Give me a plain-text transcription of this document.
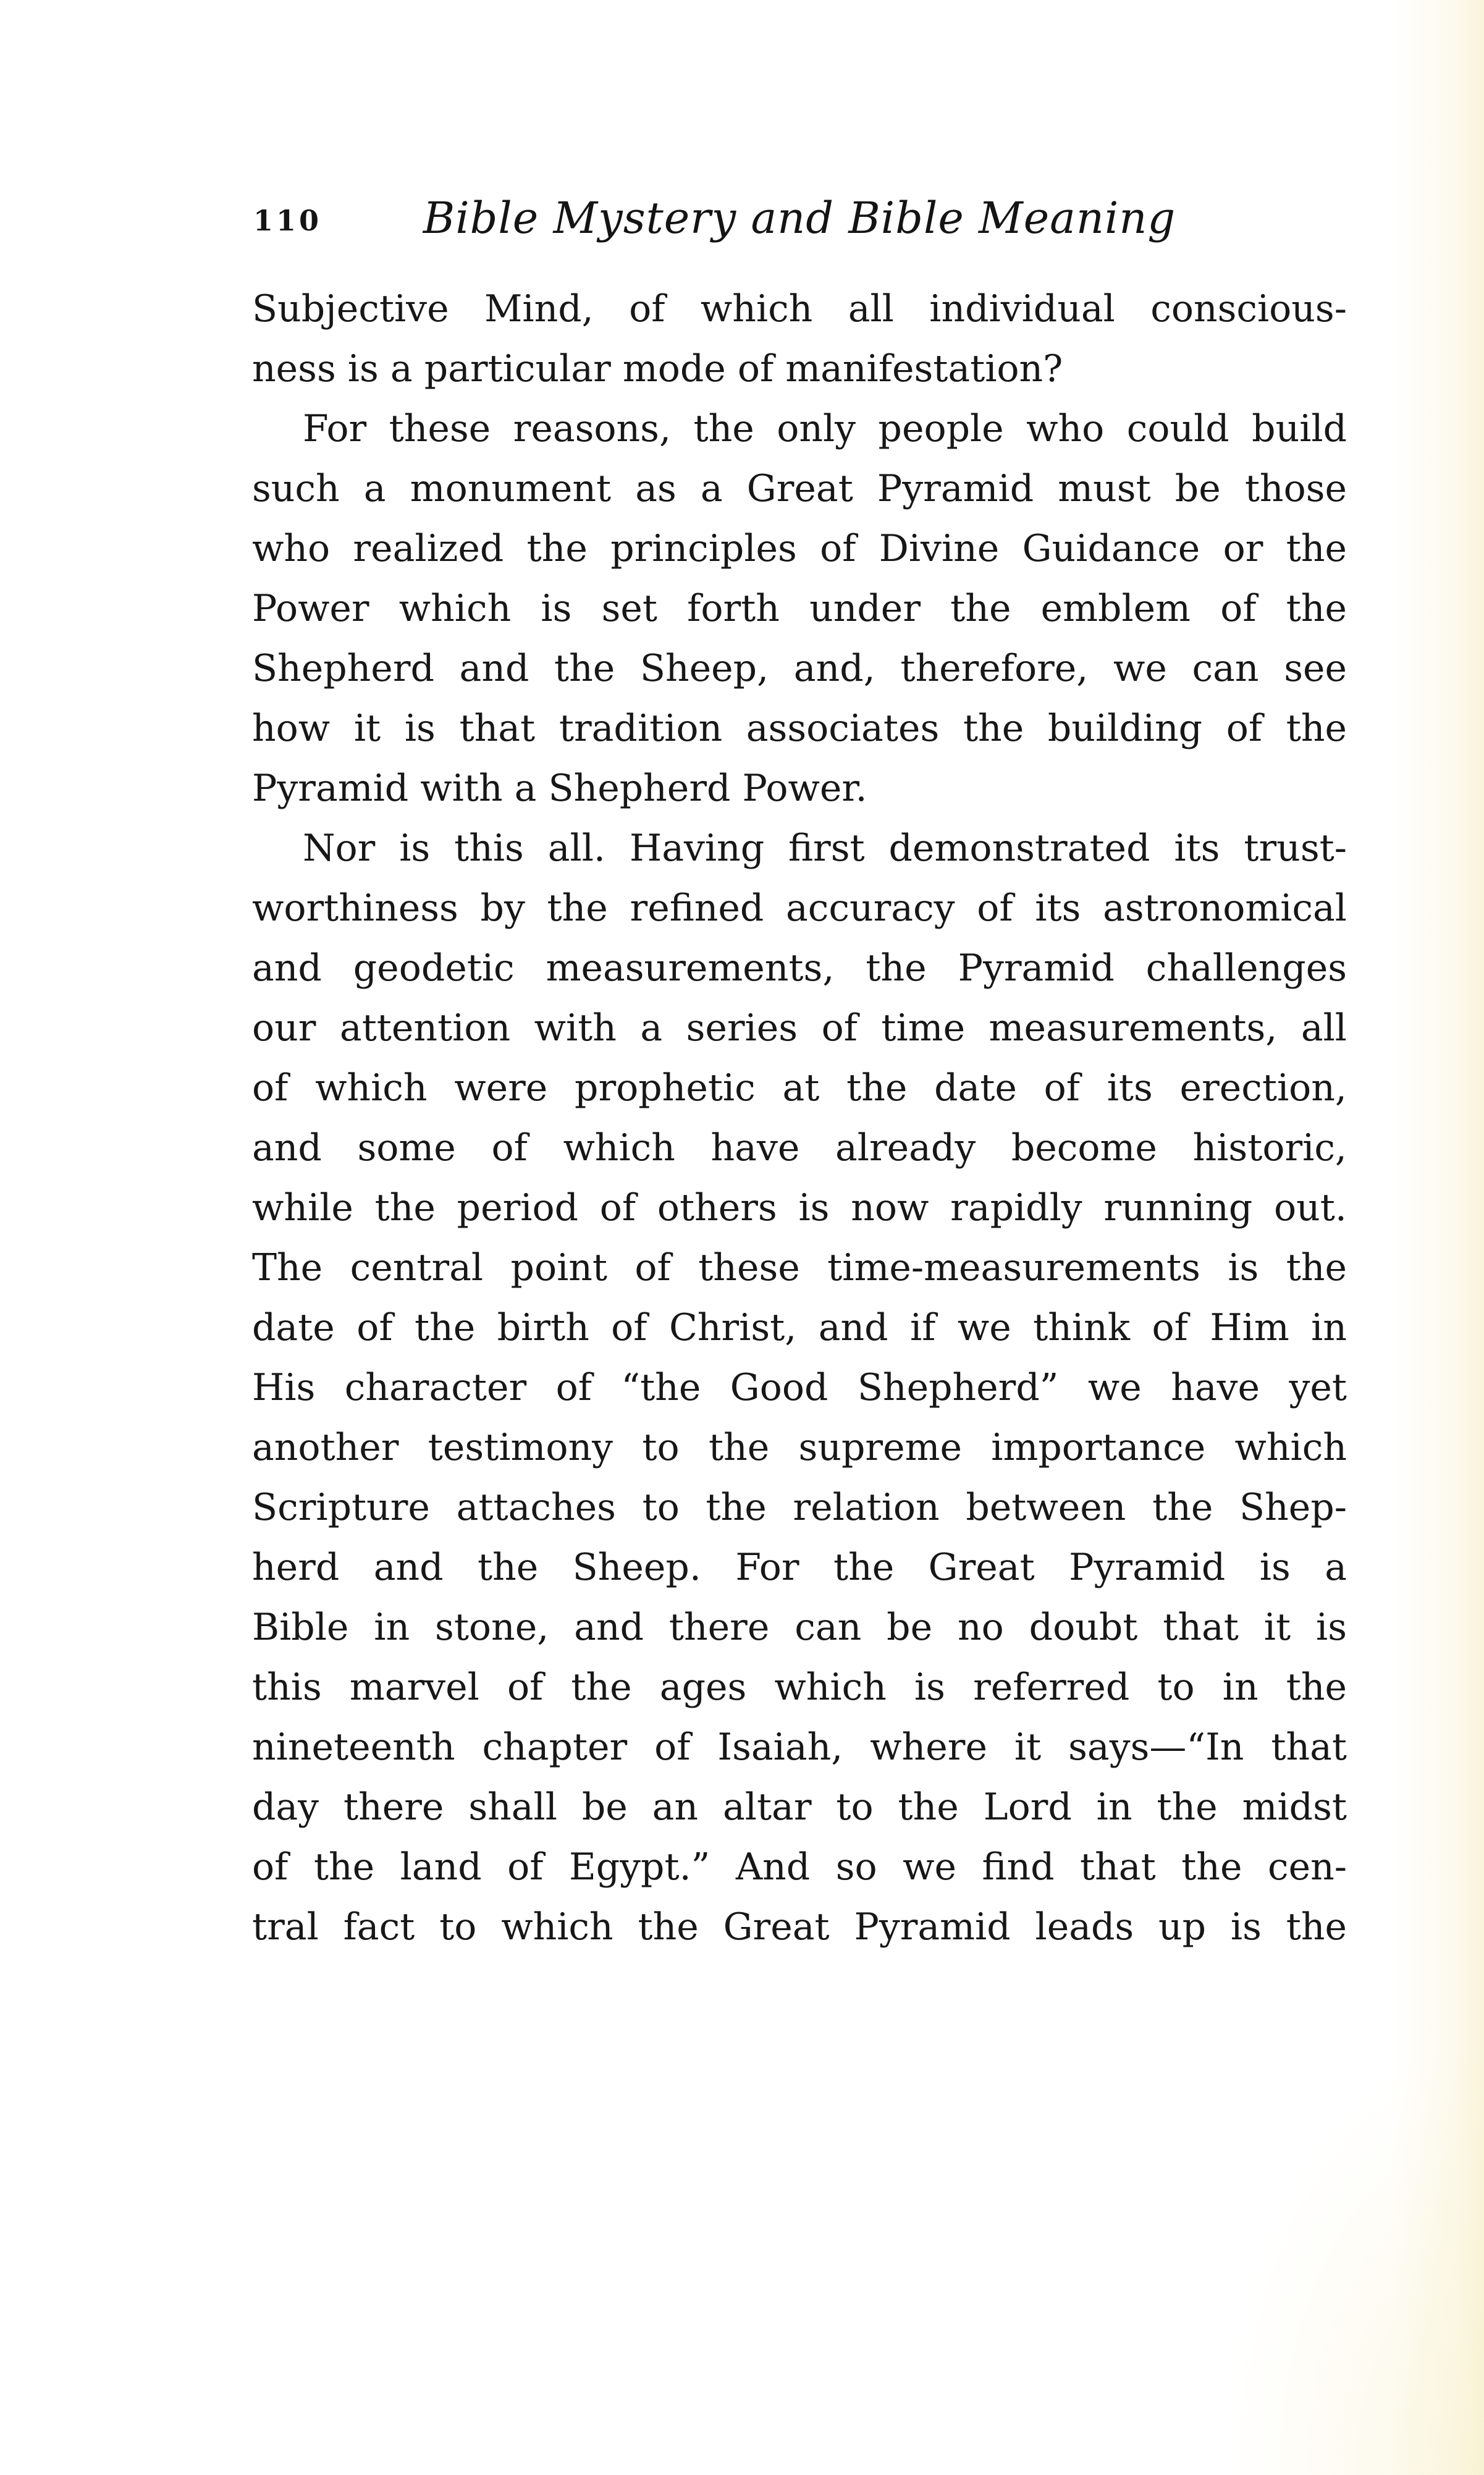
110	Bible Mystery and Bible Meaning
Subjective Mind, of which all individual conscious-
ness is a particular mode of manifestation?
For these reasons, the only people who could build
such a monument as a Great Pyramid must be those
who realized the principles of Divine Guidance or the
Power which is set forth under the emblem of the
Shepherd and the Sheep, and, therefore, we can see
how it is that tradition associates the building of the
Pyramid with a Shepherd Power.
Nor is this all. Having first demonstrated its trust-
worthiness by the refined accuracy of its astronomical
and geodetic measurements, the Pyramid challenges
our attention with a series of time measurements, all
of which were prophetic at the date of its erection,
and some of which have already become historic,
while the period of others is now rapidly running out.
The central point of these time-measurements is the
date of the birth of Christ, and if we think of Him in
His character of “the Good Shepherd” we have yet
another testimony to the supreme importance which
Scripture attaches to the relation between the Shep-
herd and the Sheep. For the Great Pyramid is a
Bible in stone, and there can be no doubt that it is
this marvel of the ages which is referred to in the
nineteenth chapter of Isaiah, where it says—“In that
day there shall be an altar to the Lord in the midst
of the land of Egypt.” And so we find that the cen-
tral fact to which the Great Pyramid leads up is the
